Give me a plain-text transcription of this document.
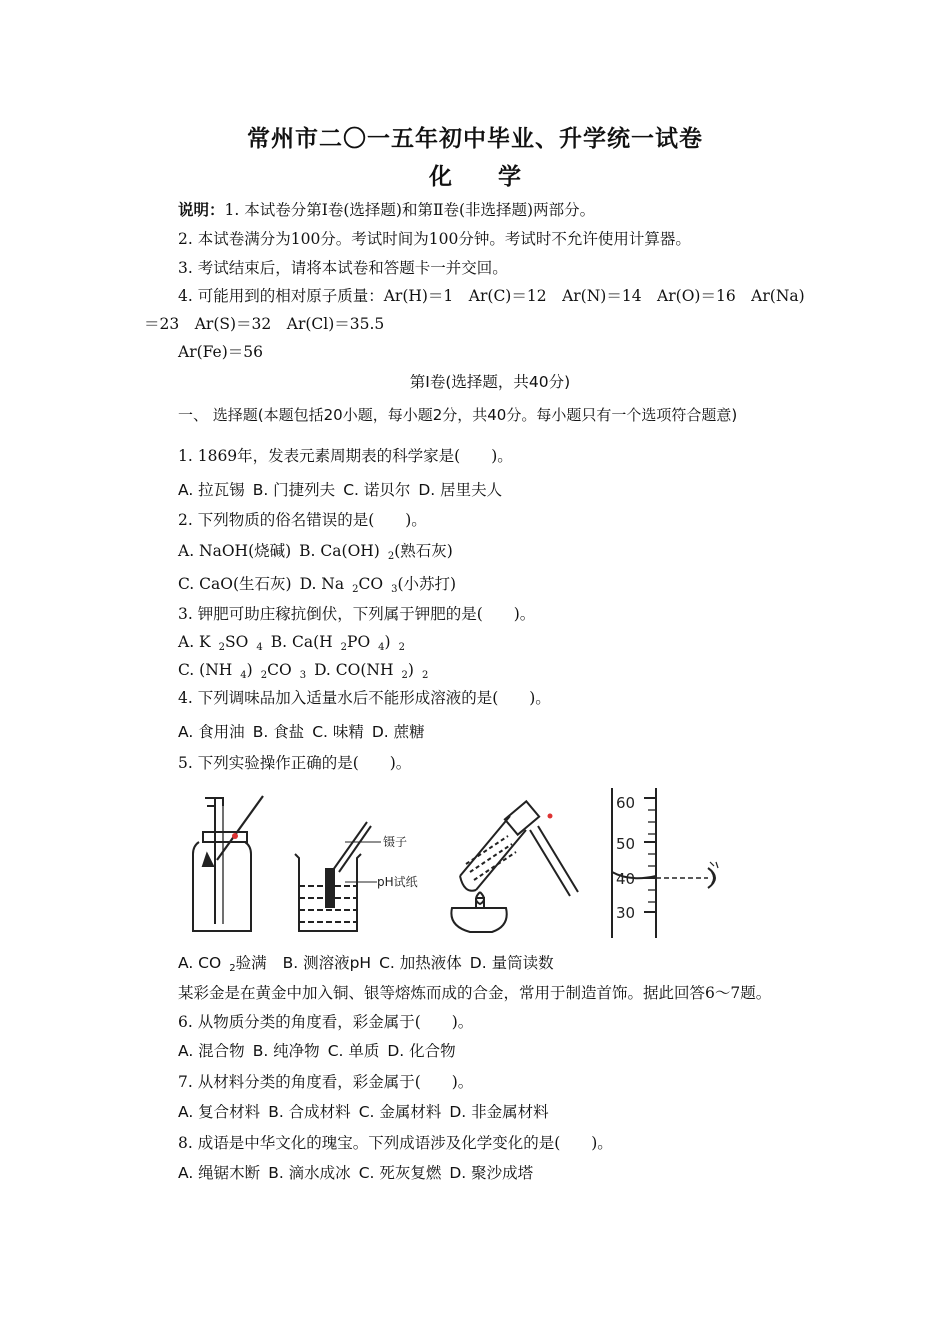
常州市二〇一五年初中毕业、升学统一试卷
化学
说明：1. 本试卷分第Ⅰ卷(选择题)和第Ⅱ卷(非选择题)两部分。
2. 本试卷满分为100分。考试时间为100分钟。考试时不允许使用计算器。
3. 考试结束后，请将本试卷和答题卡一并交回。
4. 可能用到的相对原子质量：Ar(H)＝1　Ar(C)＝12　Ar(N)＝14　Ar(O)＝16　Ar(Na)
＝23　Ar(S)＝32　Ar(Cl)＝35.5
Ar(Fe)＝56
第Ⅰ卷(选择题，共40分)
一、 选择题(本题包括20小题，每小题2分，共40分。每小题只有一个选项符合题意)
1. 1869年，发表元素周期表的科学家是(　　)。
A. 拉瓦锡 B. 门捷列夫 C. 诺贝尔 D. 居里夫人
2. 下列物质的俗名错误的是(　　)。
A. NaOH(烧碱) B. Ca(OH) $_2$(熟石灰)
C. CaO(生石灰) D. Na $_2$CO $_3$(小苏打)
3. 钾肥可助庄稼抗倒伏，下列属于钾肥的是(　　)。
A. K $_2$SO $_4$ B. Ca(H $_2$PO $_4$) $_2$
C. (NH $_4$) $_2$CO $_3$ D. CO(NH $_2$) $_2$
4. 下列调味品加入适量水后不能形成溶液的是(　　)。
A. 食用油 B. 食盐 C. 味精 D. 蔗糖
5. 下列实验操作正确的是(　　)。
镊子
pH试纸
60
50
40
30
A. CO $_2$验满 B. 测溶液pH C. 加热液体 D. 量筒读数
某彩金是在黄金中加入铜、银等熔炼而成的合金，常用于制造首饰。据此回答6～7题。
6. 从物质分类的角度看，彩金属于(　　)。
A. 混合物 B. 纯净物 C. 单质 D. 化合物
7. 从材料分类的角度看，彩金属于(　　)。
A. 复合材料 B. 合成材料 C. 金属材料 D. 非金属材料
8. 成语是中华文化的瑰宝。下列成语涉及化学变化的是(　　)。
A. 绳锯木断 B. 滴水成冰 C. 死灰复燃 D. 聚沙成塔
